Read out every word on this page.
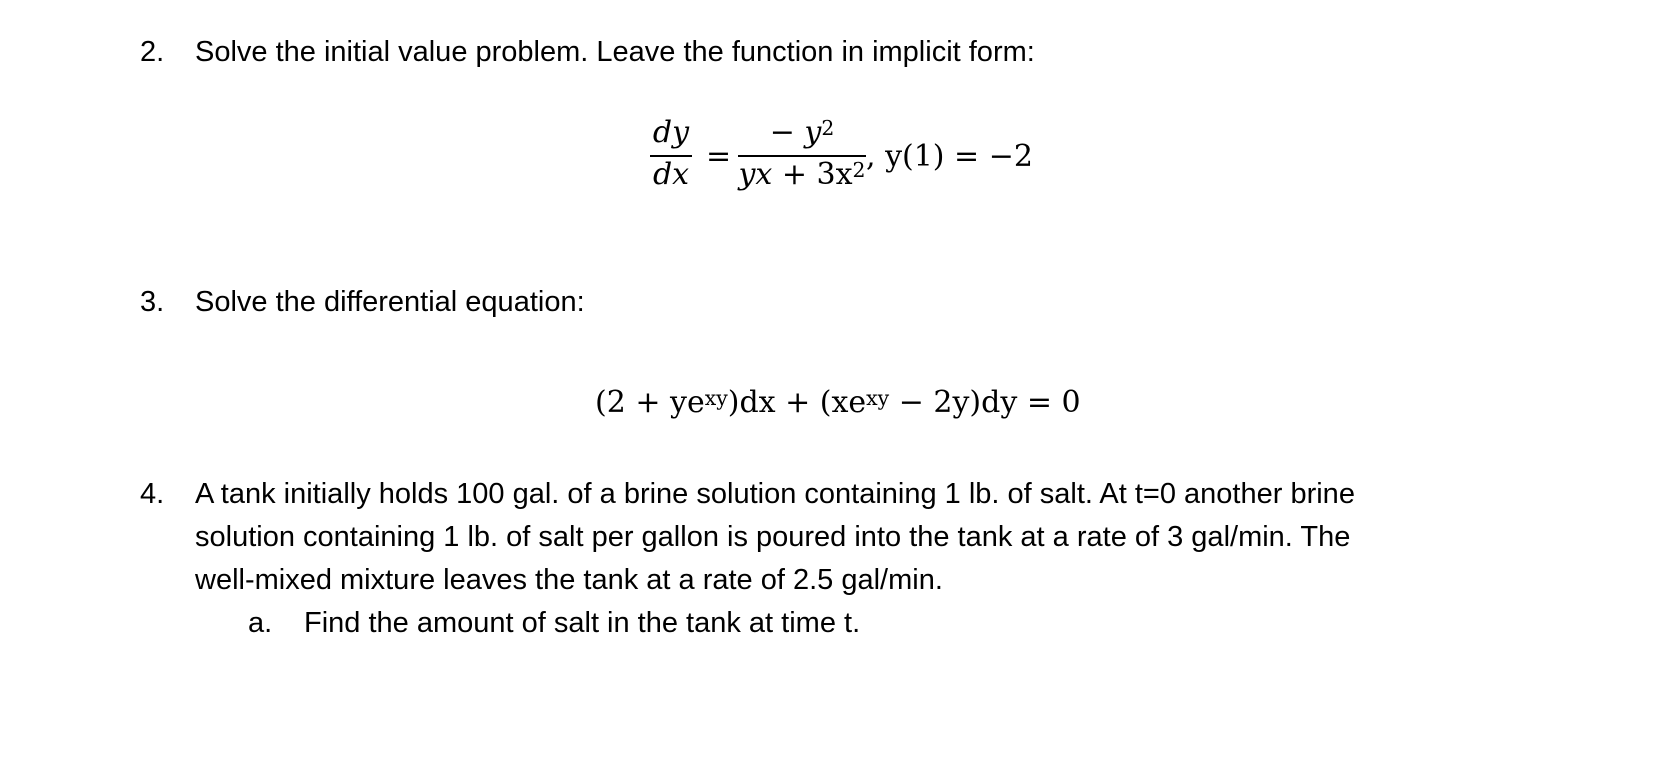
2. Solve the initial value problem. Leave the function in implicit form:
dy
dx
=
− $y^2$
yx + $3x^2$ , y(1) = −2
3. Solve the differential equation:
$(2 + ye^{xy})dx + (xe^{xy} - 2y)dy = 0$
4. A tank initially holds 100 gal. of a brine solution containing 1 lb. of salt. At t=0 another brine
solution containing 1 lb. of salt per gallon is poured into the tank at a rate of 3 gal/min. The
well-mixed mixture leaves the tank at a rate of 2.5 gal/min.
a. Find the amount of salt in the tank at time t.
